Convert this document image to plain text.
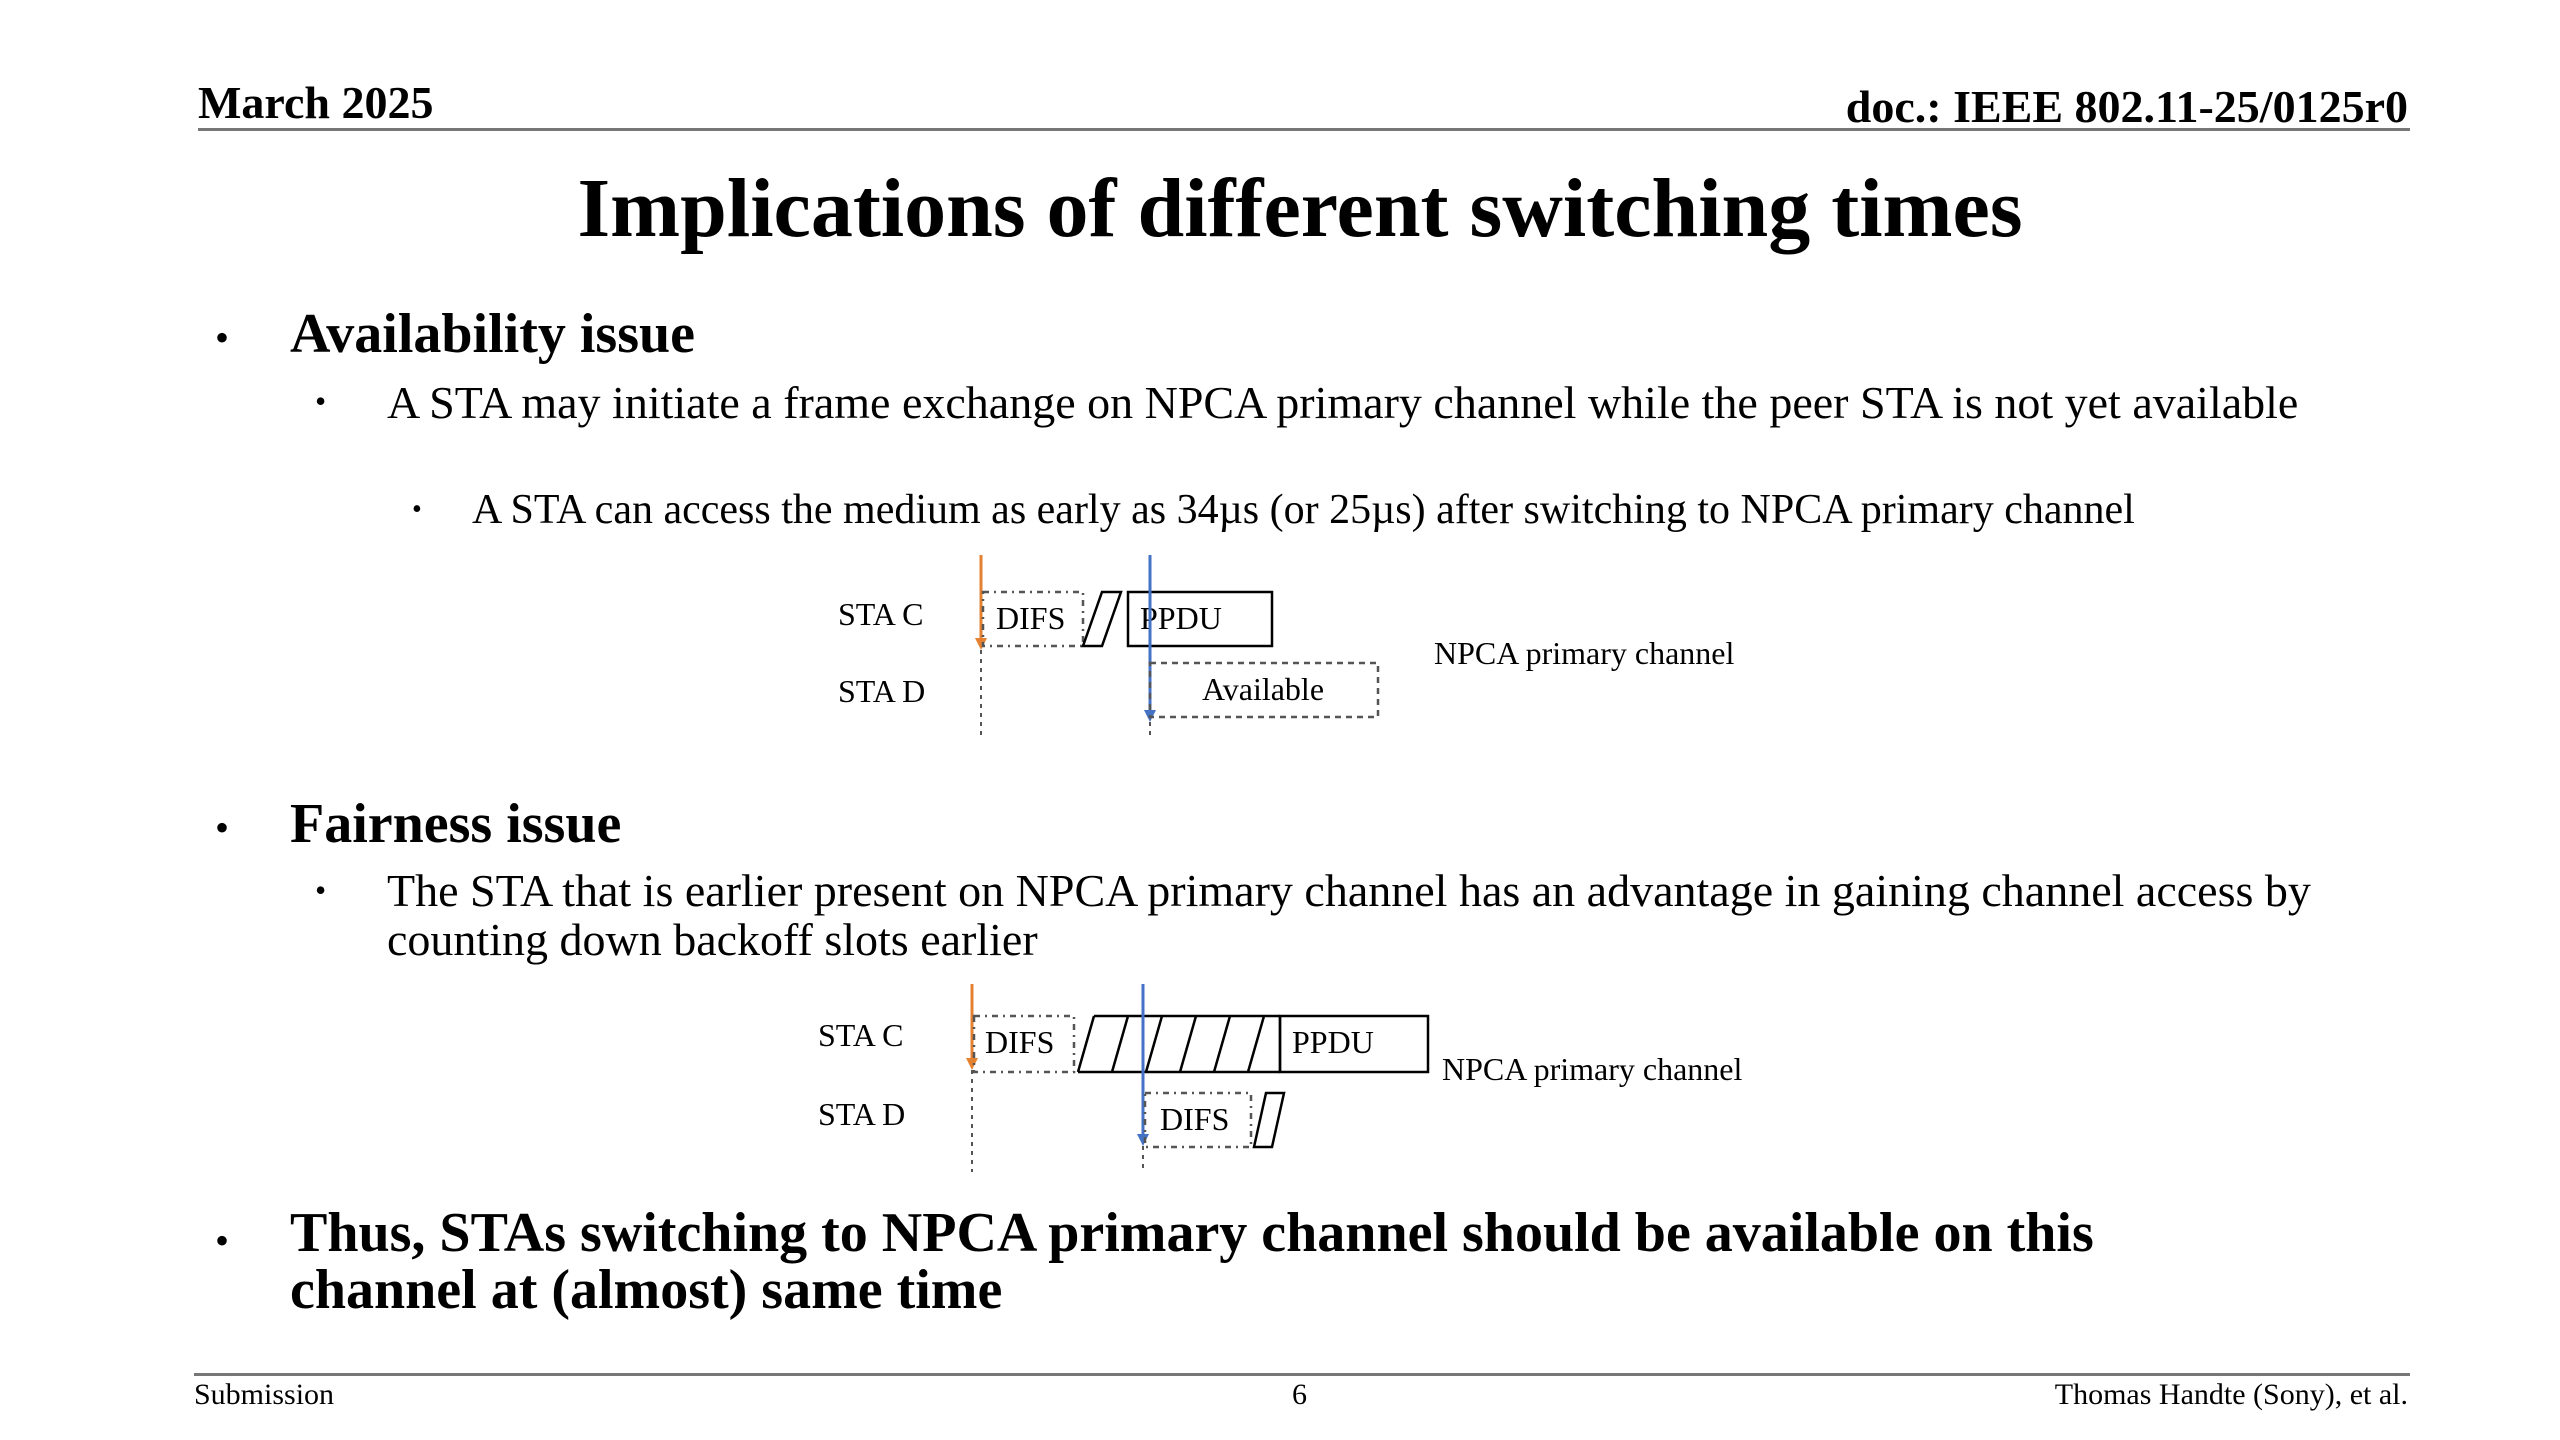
March 2025	doc.: IEEE 802.11-25/0125r0
Implications of different switching times
• Availability issue
• A STA may initiate a frame exchange on NPCA primary channel while the peer STA is not yet available
• A STA can access the medium as early as 34µs (or 25µs) after switching to NPCA primary channel
STA C
STA D
DIFS PPDU
Available
NPCA primary channel
• Fairness issue
• The STA that is earlier present on NPCA primary channel has an advantage in gaining channel access by counting down backoff slots earlier
STA C
STA D
DIFS	PPDU
DIFS
NPCA primary channel
• Thus, STAs switching to NPCA primary channel should be available on this channel at (almost) same time
Submission	6	Thomas Handte (Sony), et al.
